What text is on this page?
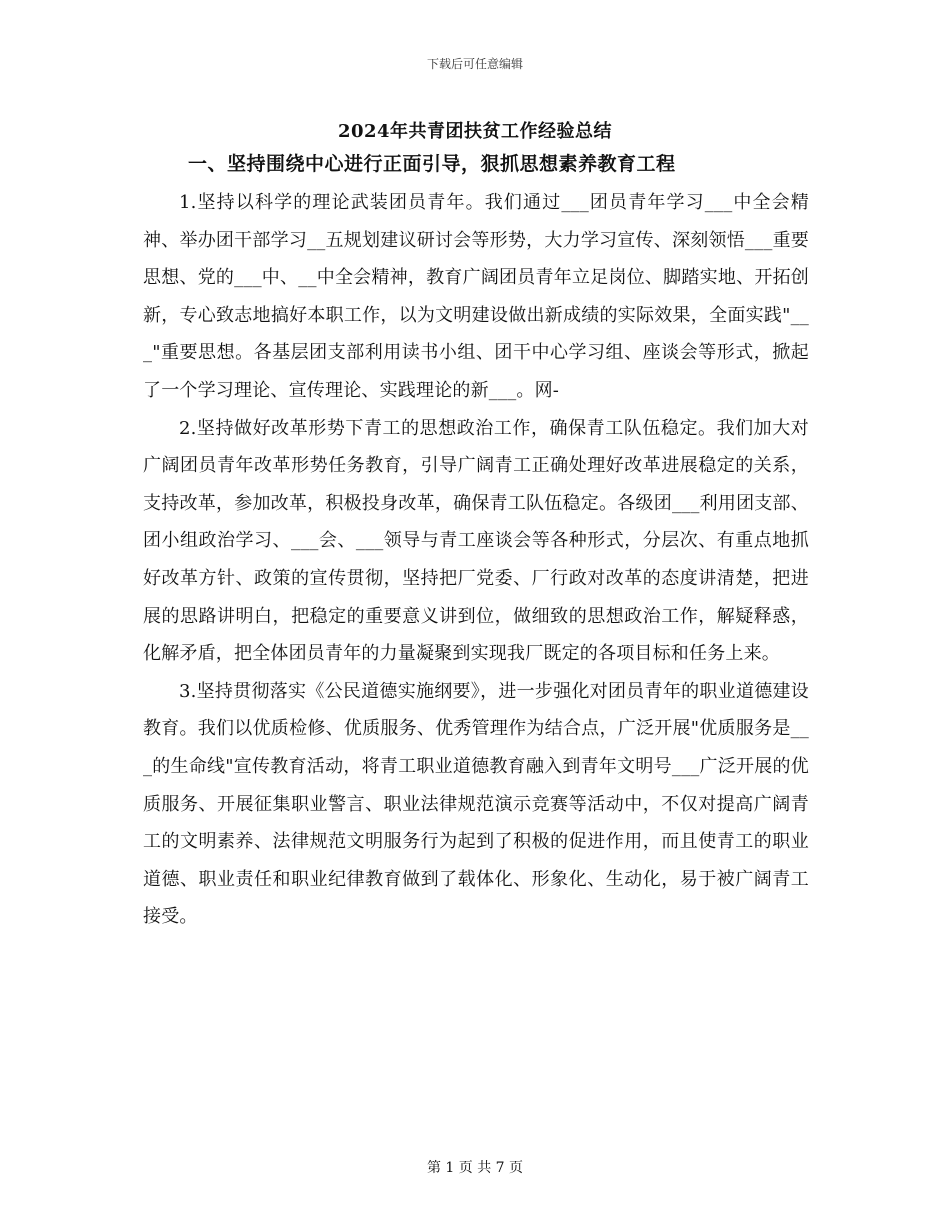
下载后可任意编辑
2024年共青团扶贫工作经验总结
一、坚持围绕中心进行正面引导，狠抓思想素养教育工程

1.坚持以科学的理论武装团员青年。我们通过___团员青年学习___中全会精神、举办团干部学习__五规划建议研讨会等形势，大力学习宣传、深刻领悟___重要思想、党的___中、__中全会精神，教育广阔团员青年立足岗位、脚踏实地、开拓创新，专心致志地搞好本职工作，以为文明建设做出新成绩的实际效果，全面实践"___"重要思想。各基层团支部利用读书小组、团干中心学习组、座谈会等形式，掀起了一个学习理论、宣传理论、实践理论的新___。网-

2.坚持做好改革形势下青工的思想政治工作，确保青工队伍稳定。我们加大对广阔团员青年改革形势任务教育，引导广阔青工正确处理好改革进展稳定的关系，支持改革，参加改革，积极投身改革，确保青工队伍稳定。各级团___利用团支部、团小组政治学习、___会、___领导与青工座谈会等各种形式，分层次、有重点地抓好改革方针、政策的宣传贯彻，坚持把厂党委、厂行政对改革的态度讲清楚，把进展的思路讲明白，把稳定的重要意义讲到位，做细致的思想政治工作，解疑释惑，化解矛盾，把全体团员青年的力量凝聚到实现我厂既定的各项目标和任务上来。

3.坚持贯彻落实《公民道德实施纲要》，进一步强化对团员青年的职业道德建设教育。我们以优质检修、优质服务、优秀管理作为结合点，广泛开展"优质服务是___的生命线"宣传教育活动，将青工职业道德教育融入到青年文明号___广泛开展的优质服务、开展征集职业警言、职业法律规范演示竞赛等活动中，不仅对提高广阔青工的文明素养、法律规范文明服务行为起到了积极的促进作用，而且使青工的职业道德、职业责任和职业纪律教育做到了载体化、形象化、生动化，易于被广阔青工接受。

第 1 页 共 7 页
